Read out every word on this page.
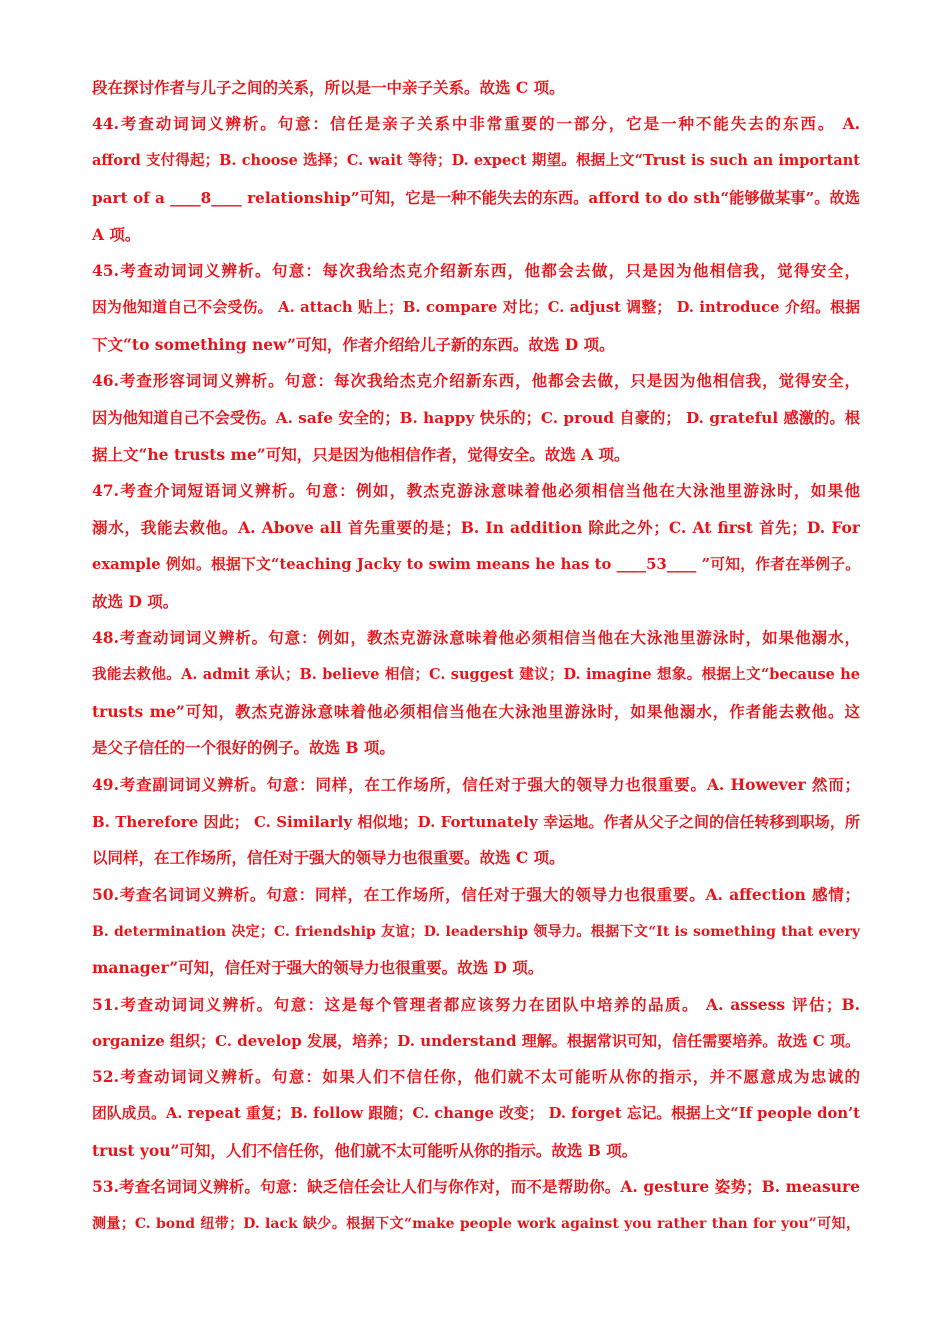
段在探讨作者与儿子之间的关系，所以是一中亲子关系。故选 C 项。
44.考查动词词义辨析。句意：信任是亲子关系中非常重要的一部分，它是一种不能失去的东西。 A.
afford 支付得起；B. choose 选择；C. wait 等待；D. expect 期望。根据上文“Trust is such an important
part of a ____8____ relationship”可知，它是一种不能失去的东西。afford to do sth“能够做某事”。故选
A 项。
45.考查动词词义辨析。句意：每次我给杰克介绍新东西，他都会去做，只是因为他相信我，觉得安全，
因为他知道自己不会受伤。 A. attach 贴上；B. compare 对比；C. adjust 调整； D. introduce 介绍。根据
下文“to something new”可知，作者介绍给儿子新的东西。故选 D 项。
46.考查形容词词义辨析。句意：每次我给杰克介绍新东西，他都会去做，只是因为他相信我，觉得安全，
因为他知道自己不会受伤。A. safe 安全的；B. happy 快乐的；C. proud 自豪的； D. grateful 感激的。根
据上文“he trusts me”可知，只是因为他相信作者，觉得安全。故选 A 项。
47.考查介词短语词义辨析。句意：例如，教杰克游泳意味着他必须相信当他在大泳池里游泳时，如果他
溺水，我能去救他。A. Above all 首先重要的是；B. In addition 除此之外；C. At first 首先；D. For
example 例如。根据下文“teaching Jacky to swim means he has to ____53____ ”可知，作者在举例子。
故选 D 项。
48.考查动词词义辨析。句意：例如，教杰克游泳意味着他必须相信当他在大泳池里游泳时，如果他溺水，
我能去救他。A. admit 承认；B. believe 相信；C. suggest 建议；D. imagine 想象。根据上文“because he
trusts me”可知，教杰克游泳意味着他必须相信当他在大泳池里游泳时，如果他溺水，作者能去救他。这
是父子信任的一个很好的例子。故选 B 项。
49.考查副词词义辨析。句意：同样，在工作场所，信任对于强大的领导力也很重要。A. However 然而；
B. Therefore 因此； C. Similarly 相似地；D. Fortunately 幸运地。作者从父子之间的信任转移到职场，所
以同样，在工作场所，信任对于强大的领导力也很重要。故选 C 项。
50.考查名词词义辨析。句意：同样，在工作场所，信任对于强大的领导力也很重要。A. affection 感情；
B. determination 决定；C. friendship 友谊；D. leadership 领导力。根据下文“It is something that every
manager”可知，信任对于强大的领导力也很重要。故选 D 项。
51.考查动词词义辨析。句意：这是每个管理者都应该努力在团队中培养的品质。 A. assess 评估；B.
organize 组织；C. develop 发展，培养；D. understand 理解。根据常识可知，信任需要培养。故选 C 项。
52.考查动词词义辨析。句意：如果人们不信任你，他们就不太可能听从你的指示，并不愿意成为忠诚的
团队成员。A. repeat 重复；B. follow 跟随；C. change 改变； D. forget 忘记。根据上文“If people don’t
trust you”可知，人们不信任你，他们就不太可能听从你的指示。故选 B 项。
53.考查名词词义辨析。句意：缺乏信任会让人们与你作对，而不是帮助你。A. gesture 姿势；B. measure
测量；C. bond 纽带；D. lack 缺少。根据下文“make people work against you rather than for you”可知，
